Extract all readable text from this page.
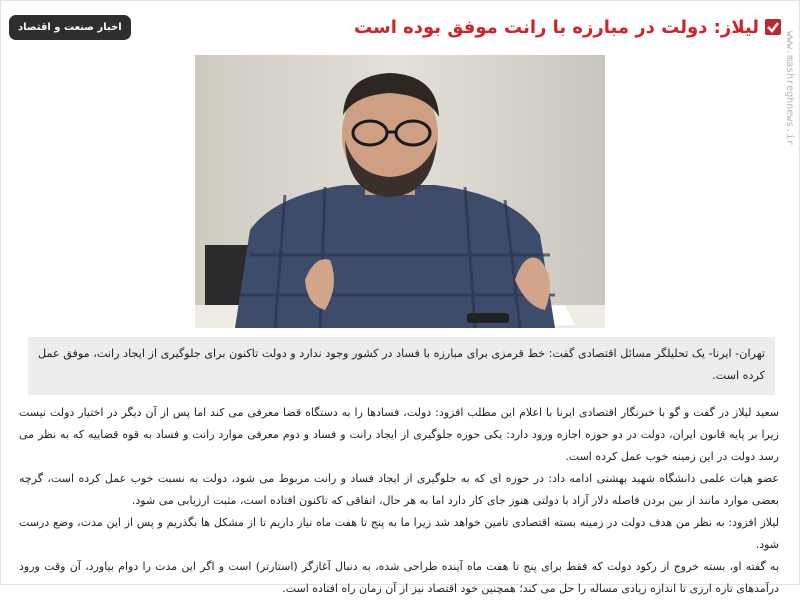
لیلاز: دولت در مبارزه با رانت موفق بوده است
اخبار صنعت و اقتصاد
www.mashreghnews.ir
تهران- ایرنا- یک تحلیلگر مسائل اقتصادی گفت: خط قرمزی برای مبارزه با فساد در کشور وجود ندارد و دولت تاکنون برای جلوگیری از ایجاد رانت، موفق عمل کرده است.

سعید لیلاز در گفت و گو با خبرنگار اقتصادی ایرنا با اعلام این مطلب افزود: دولت، فسادها را به دستگاه قضا معرفی می کند اما پس از آن دیگر در اختیار دولت نیست زیرا بر پایه قانون ایران، دولت در دو حوزه اجازه ورود دارد: یکی حوزه جلوگیری از ایجاد رانت و فساد و دوم معرفی موارد رانت و فساد به قوه قضاییه که به نظر می رسد دولت در این زمینه خوب عمل کرده است.

عضو هیات علمی دانشگاه شهید بهشتی ادامه داد: در حوزه ای که به جلوگیری از ایجاد فساد و رانت مربوط می شود، دولت به نسبت خوب عمل کرده است، گرچه بعضی موارد مانند از بین بردن فاصله دلار آزاد با دولتی هنوز جای کار دارد اما به هر حال، اتفاقی که تاکنون افتاده است، مثبت ارزیابی می شود.

لیلاز افزود: به نظر من هدف دولت در زمینه بسته اقتصادی تامین خواهد شد زیرا ما به پنج تا هفت ماه نیاز داریم تا از مشکل ها بگذریم و پس از این مدت، وضع درست شود.

به گفته او، بسته خروج از رکود دولت که فقط برای پنج تا هفت ماه آینده طراحی شده، به دنبال آغازگر (استارتر) است و اگر این مدت را دوام بیاورد، آن وقت ورود درآمدهای تازه ارزی تا اندازه زیادی مساله را حل می کند؛ همچنین خود اقتصاد نیز از آن زمان راه افتاده است.
